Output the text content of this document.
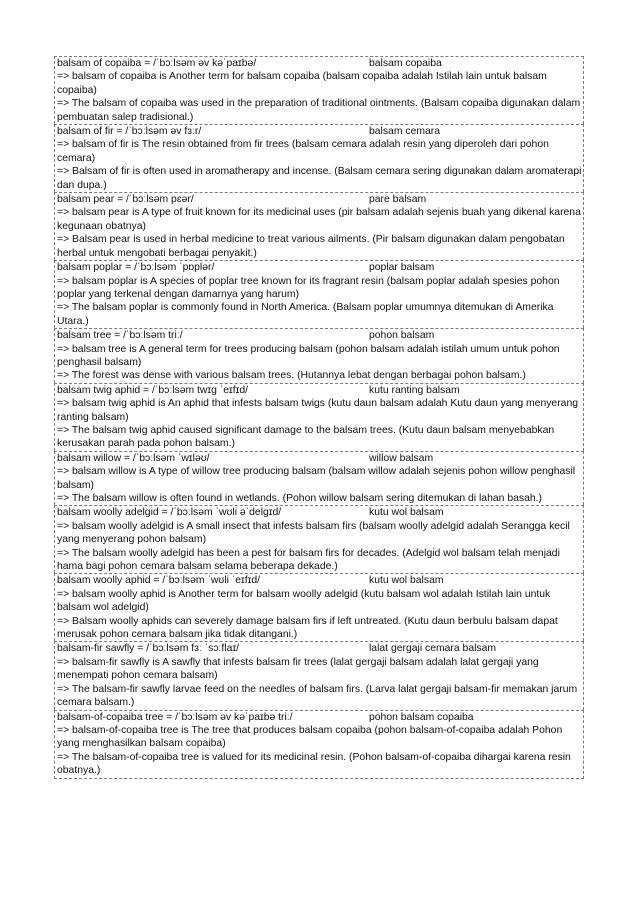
balsam of copaiba = /ˈbɔːlsəm əv kəˈpaɪbə/	balsam copaiba
=> balsam of copaiba is Another term for balsam copaiba (balsam copaiba adalah Istilah lain untuk balsam copaiba)
=> The balsam of copaiba was used in the preparation of traditional ointments. (Balsam copaiba digunakan dalam pembuatan salep tradisional.)
balsam of fir = /ˈbɔːlsəm əv fɜːr/	balsam cemara
=> balsam of fir is The resin obtained from fir trees (balsam cemara adalah resin yang diperoleh dari pohon cemara)
=> Balsam of fir is often used in aromatherapy and incense. (Balsam cemara sering digunakan dalam aromaterapi dan dupa.)
balsam pear = /ˈbɔːlsəm pɛər/	pare balsam
=> balsam pear is A type of fruit known for its medicinal uses (pir balsam adalah sejenis buah yang dikenal karena kegunaan obatnya)
=> Balsam pear is used in herbal medicine to treat various ailments. (Pir balsam digunakan dalam pengobatan herbal untuk mengobati berbagai penyakit.)
balsam poplar = /ˈbɔːlsəm ˈpɒplər/	poplar balsam
=> balsam poplar is A species of poplar tree known for its fragrant resin (balsam poplar adalah spesies pohon poplar yang terkenal dengan damarnya yang harum)
=> The balsam poplar is commonly found in North America. (Balsam poplar umumnya ditemukan di Amerika Utara.)
balsam tree = /ˈbɔːlsəm triː/	pohon balsam
=> balsam tree is A general term for trees producing balsam (pohon balsam adalah istilah umum untuk pohon penghasil balsam)
=> The forest was dense with various balsam trees. (Hutannya lebat dengan berbagai pohon balsam.)
balsam twig aphid = /ˈbɔːlsəm twɪɡ ˈeɪfɪd/	kutu ranting balsam
=> balsam twig aphid is An aphid that infests balsam twigs (kutu daun balsam adalah Kutu daun yang menyerang ranting balsam)
=> The balsam twig aphid caused significant damage to the balsam trees. (Kutu daun balsam menyebabkan kerusakan parah pada pohon balsam.)
balsam willow = /ˈbɔːlsəm ˈwɪləʊ/	willow balsam
=> balsam willow is A type of willow tree producing balsam (balsam willow adalah sejenis pohon willow penghasil balsam)
=> The balsam willow is often found in wetlands. (Pohon willow balsam sering ditemukan di lahan basah.)
balsam woolly adelgid = /ˈbɔːlsəm ˈwʊli əˈdelɡɪd/	kutu wol balsam
=> balsam woolly adelgid is A small insect that infests balsam firs (balsam woolly adelgid adalah Serangga kecil yang menyerang pohon balsam)
=> The balsam woolly adelgid has been a pest for balsam firs for decades. (Adelgid wol balsam telah menjadi hama bagi pohon cemara balsam selama beberapa dekade.)
balsam woolly aphid = /ˈbɔːlsəm ˈwʊli ˈeɪfɪd/	kutu wol balsam
=> balsam woolly aphid is Another term for balsam woolly adelgid (kutu balsam wol adalah Istilah lain untuk balsam wol adelgid)
=> Balsam woolly aphids can severely damage balsam firs if left untreated. (Kutu daun berbulu balsam dapat merusak pohon cemara balsam jika tidak ditangani.)
balsam-fir sawfly = /ˈbɔːlsəm fɜː ˈsɔːflaɪ/	lalat gergaji cemara balsam
=> balsam-fir sawfly is A sawfly that infests balsam fir trees (lalat gergaji balsam adalah lalat gergaji yang menempati pohon cemara balsam)
=> The balsam-fir sawfly larvae feed on the needles of balsam firs. (Larva lalat gergaji balsam-fir memakan jarum cemara balsam.)
balsam-of-copaiba tree = /ˈbɔːlsəm əv kəˈpaɪbə triː/	pohon balsam copaiba
=> balsam-of-copaiba tree is The tree that produces balsam copaiba (pohon balsam-of-copaiba adalah Pohon yang menghasilkan balsam copaiba)
=> The balsam-of-copaiba tree is valued for its medicinal resin. (Pohon balsam-of-copaiba dihargai karena resin obatnya.)
